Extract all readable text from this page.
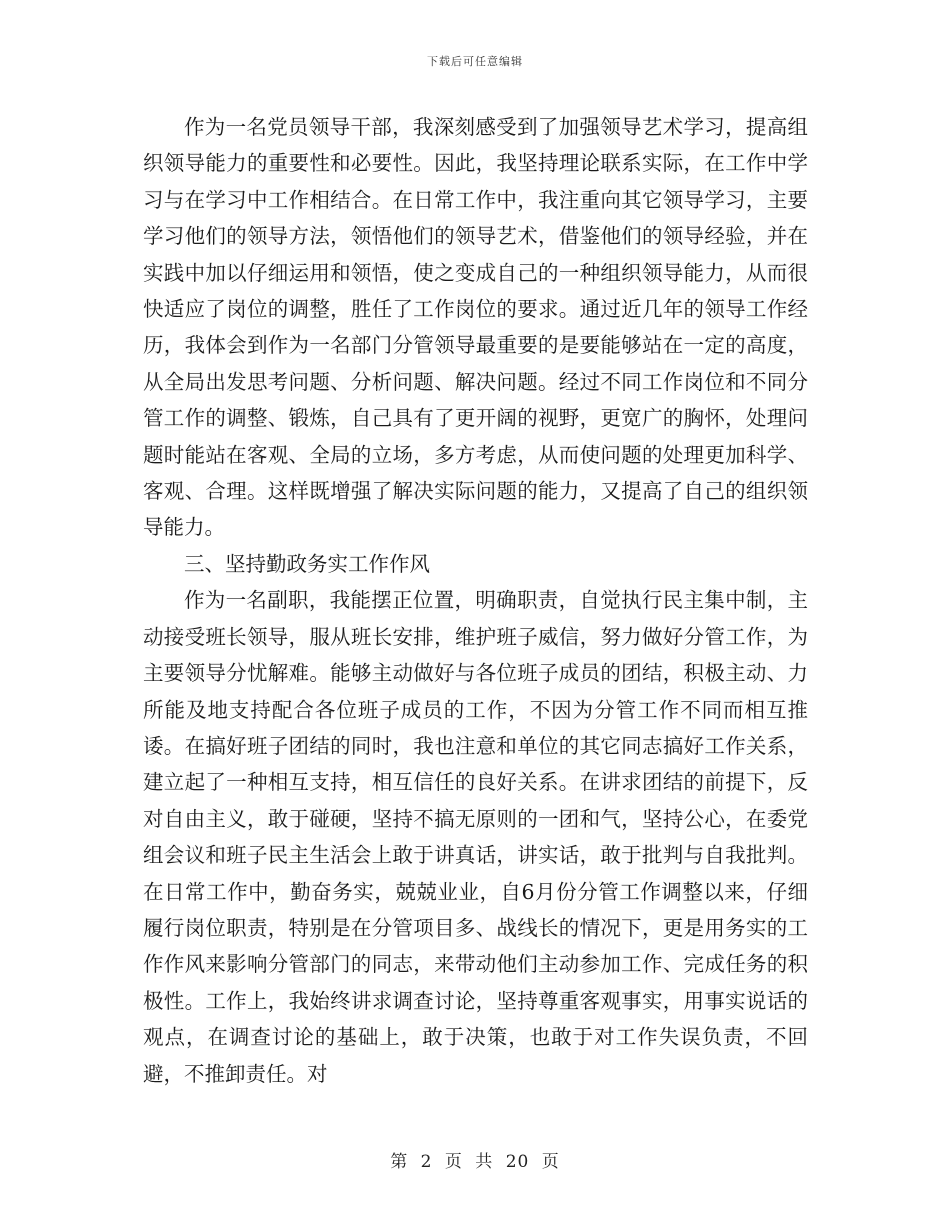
下载后可任意编辑

作为一名党员领导干部，我深刻感受到了加强领导艺术学习，提高组织领导能力的重要性和必要性。因此，我坚持理论联系实际，在工作中学习与在学习中工作相结合。在日常工作中，我注重向其它领导学习，主要学习他们的领导方法，领悟他们的领导艺术，借鉴他们的领导经验，并在实践中加以仔细运用和领悟，使之变成自己的一种组织领导能力，从而很快适应了岗位的调整，胜任了工作岗位的要求。通过近几年的领导工作经历，我体会到作为一名部门分管领导最重要的是要能够站在一定的高度，从全局出发思考问题、分析问题、解决问题。经过不同工作岗位和不同分管工作的调整、锻炼，自己具有了更开阔的视野，更宽广的胸怀，处理问题时能站在客观、全局的立场，多方考虑，从而使问题的处理更加科学、客观、合理。这样既增强了解决实际问题的能力，又提高了自己的组织领导能力。

三、坚持勤政务实工作作风

作为一名副职，我能摆正位置，明确职责，自觉执行民主集中制，主动接受班长领导，服从班长安排，维护班子威信，努力做好分管工作，为主要领导分忧解难。能够主动做好与各位班子成员的团结，积极主动、力所能及地支持配合各位班子成员的工作，不因为分管工作不同而相互推诿。在搞好班子团结的同时，我也注意和单位的其它同志搞好工作关系，建立起了一种相互支持，相互信任的良好关系。在讲求团结的前提下，反对自由主义，敢于碰硬，坚持不搞无原则的一团和气，坚持公心，在委党组会议和班子民主生活会上敢于讲真话，讲实话，敢于批判与自我批判。在日常工作中，勤奋务实，兢兢业业，自6月份分管工作调整以来，仔细履行岗位职责，特别是在分管项目多、战线长的情况下，更是用务实的工作作风来影响分管部门的同志，来带动他们主动参加工作、完成任务的积极性。工作上，我始终讲求调查讨论，坚持尊重客观事实，用事实说话的观点，在调查讨论的基础上，敢于决策，也敢于对工作失误负责，不回避，不推卸责任。对

第 2 页 共 20 页
